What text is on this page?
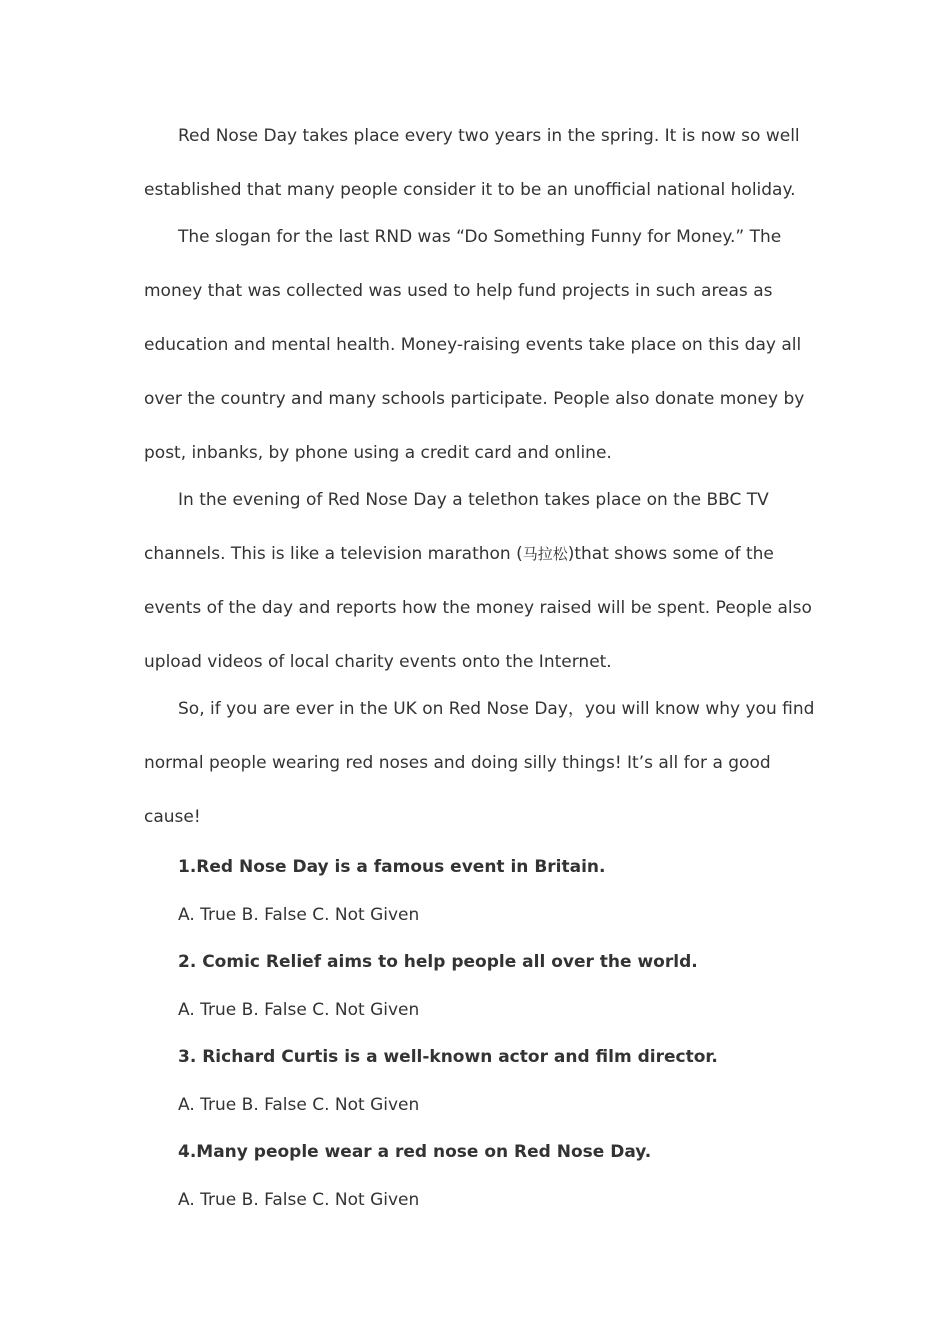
Red Nose Day takes place every two years in the spring. It is now so well established that many people consider it to be an unofficial national holiday.

The slogan for the last RND was “Do Something Funny for Money.” The money that was collected was used to help fund projects in such areas as education and mental health. Money-raising events take place on this day all over the country and many schools participate. People also donate money by post, inbanks, by phone using a credit card and online.

In the evening of Red Nose Day a telethon takes place on the BBC TV channels. This is like a television marathon (马拉松)that shows some of the events of the day and reports how the money raised will be spent. People also upload videos of local charity events onto the Internet.

So, if you are ever in the UK on Red Nose Day，you will know why you find normal people wearing red noses and doing silly things! It’s all for a good cause!

1.Red Nose Day is a famous event in Britain.

A. True B. False C. Not Given

2. Comic Relief aims to help people all over the world.

A. True B. False C. Not Given

3. Richard Curtis is a well-known actor and film director.

A. True B. False C. Not Given

4.Many people wear a red nose on Red Nose Day.

A. True B. False C. Not Given
